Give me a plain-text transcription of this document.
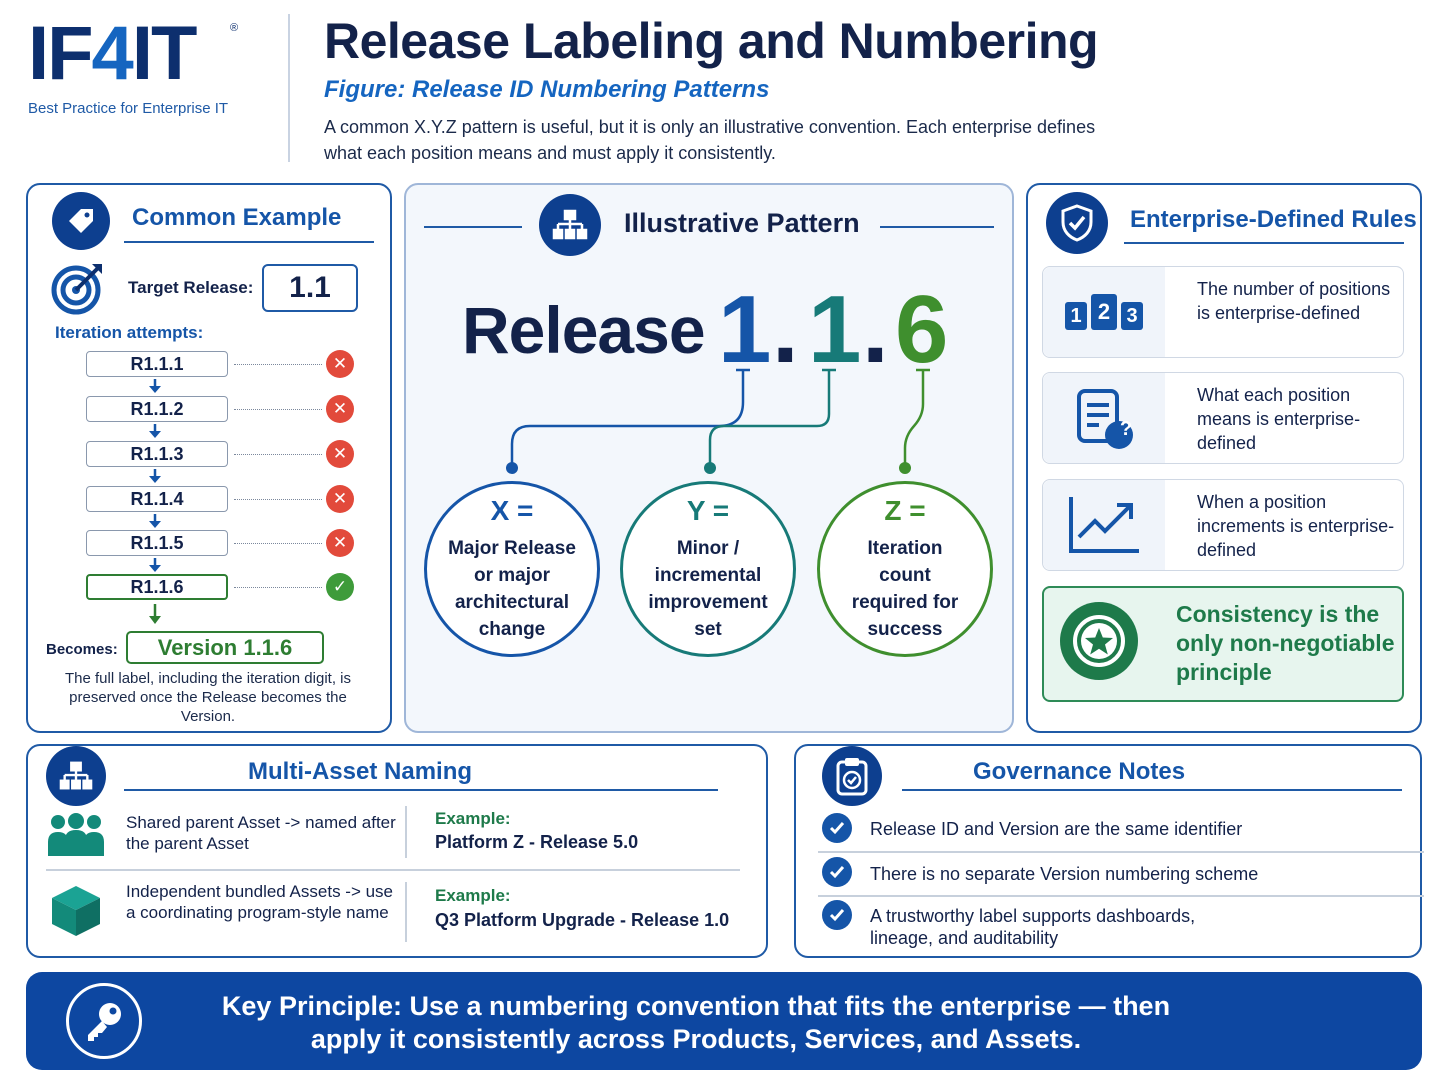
IF4IT	®
Best Practice for Enterprise IT
Release Labeling and Numbering
Figure: Release ID Numbering Patterns
A common X.Y.Z pattern is useful, but it is only an illustrative convention. Each enterprise defines what each position means and must apply it consistently.
Common Example
Target Release:	1.1
Iteration attempts:
R1.1.1	✕
R1.1.2	✕
R1.1.3	✕
R1.1.4	✕
R1.1.5	✕
R1.1.6	✓
Becomes:	Version 1.1.6
The full label, including the iteration digit, is preserved once the Release becomes the Version.
Illustrative Pattern
Release 1 . 1 . 6
X =
Major Release or major architectural change
Y =
Minor / incremental improvement set
Z =
Iteration count required for success
Enterprise-Defined Rules
1 2 3
The number of positions is enterprise-defined
?
What each position means is enterprise-defined
When a position increments is enterprise-defined
Consistency is the only non-negotiable principle
Multi-Asset Naming
Shared parent Asset -> named after the parent Asset
Example:
Platform Z - Release 5.0
Independent bundled Assets -> use a coordinating program-style name
Example:
Q3 Platform Upgrade - Release 1.0
Governance Notes
Release ID and Version are the same identifier
There is no separate Version numbering scheme
A trustworthy label supports dashboards, lineage, and auditability
Key Principle: Use a numbering convention that fits the enterprise — then apply it consistently across Products, Services, and Assets.
